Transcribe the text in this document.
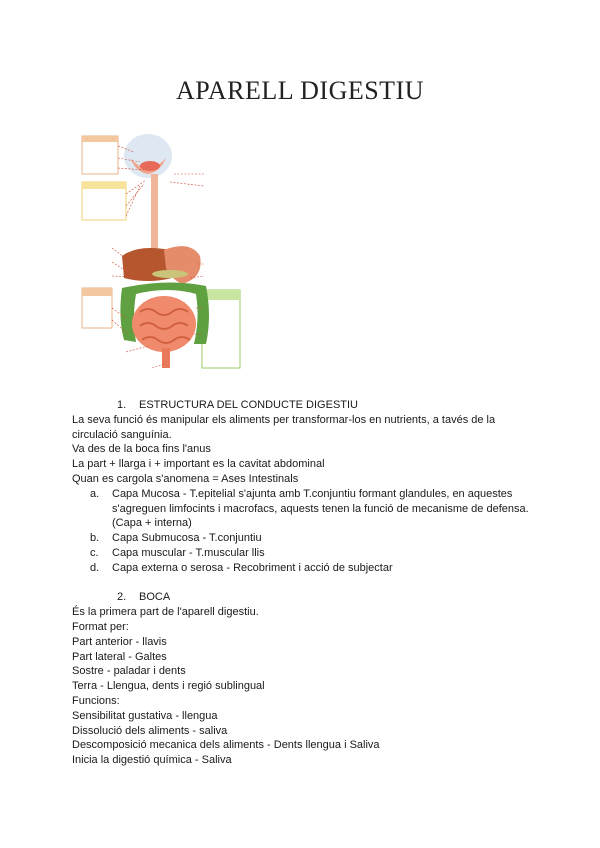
APARELL DIGESTIU
1.	ESTRUCTURA DEL CONDUCTE DIGESTIU
La seva funció és manipular els aliments per transformar-los en nutrients, a tavés de la
circulació sanguínia.
Va des de la boca fins l'anus
La part + llarga i + important es la cavitat abdominal
Quan es cargola s'anomena = Ases Intestinals
a.	Capa Mucosa - T.epitelial s'ajunta amb T.conjuntiu formant glandules, en aquestes s'agreguen limfocints i macrofacs, aquests tenen la funció de mecanisme de defensa. (Capa + interna)
b.	Capa Submucosa - T.conjuntiu
c.	Capa muscular - T.muscular llis
d.	Capa externa o serosa - Recobriment i acció de subjectar
2.	BOCA
És la primera part de l'aparell digestiu.
Format per:
Part anterior - llavis
Part lateral - Galtes
Sostre - paladar i dents
Terra - Llengua, dents i regió sublingual
Funcions:
Sensibilitat gustativa - llengua
Dissolució dels aliments - saliva
Descomposició mecanica dels aliments - Dents llengua i Saliva
Inicia la digestió química - Saliva
